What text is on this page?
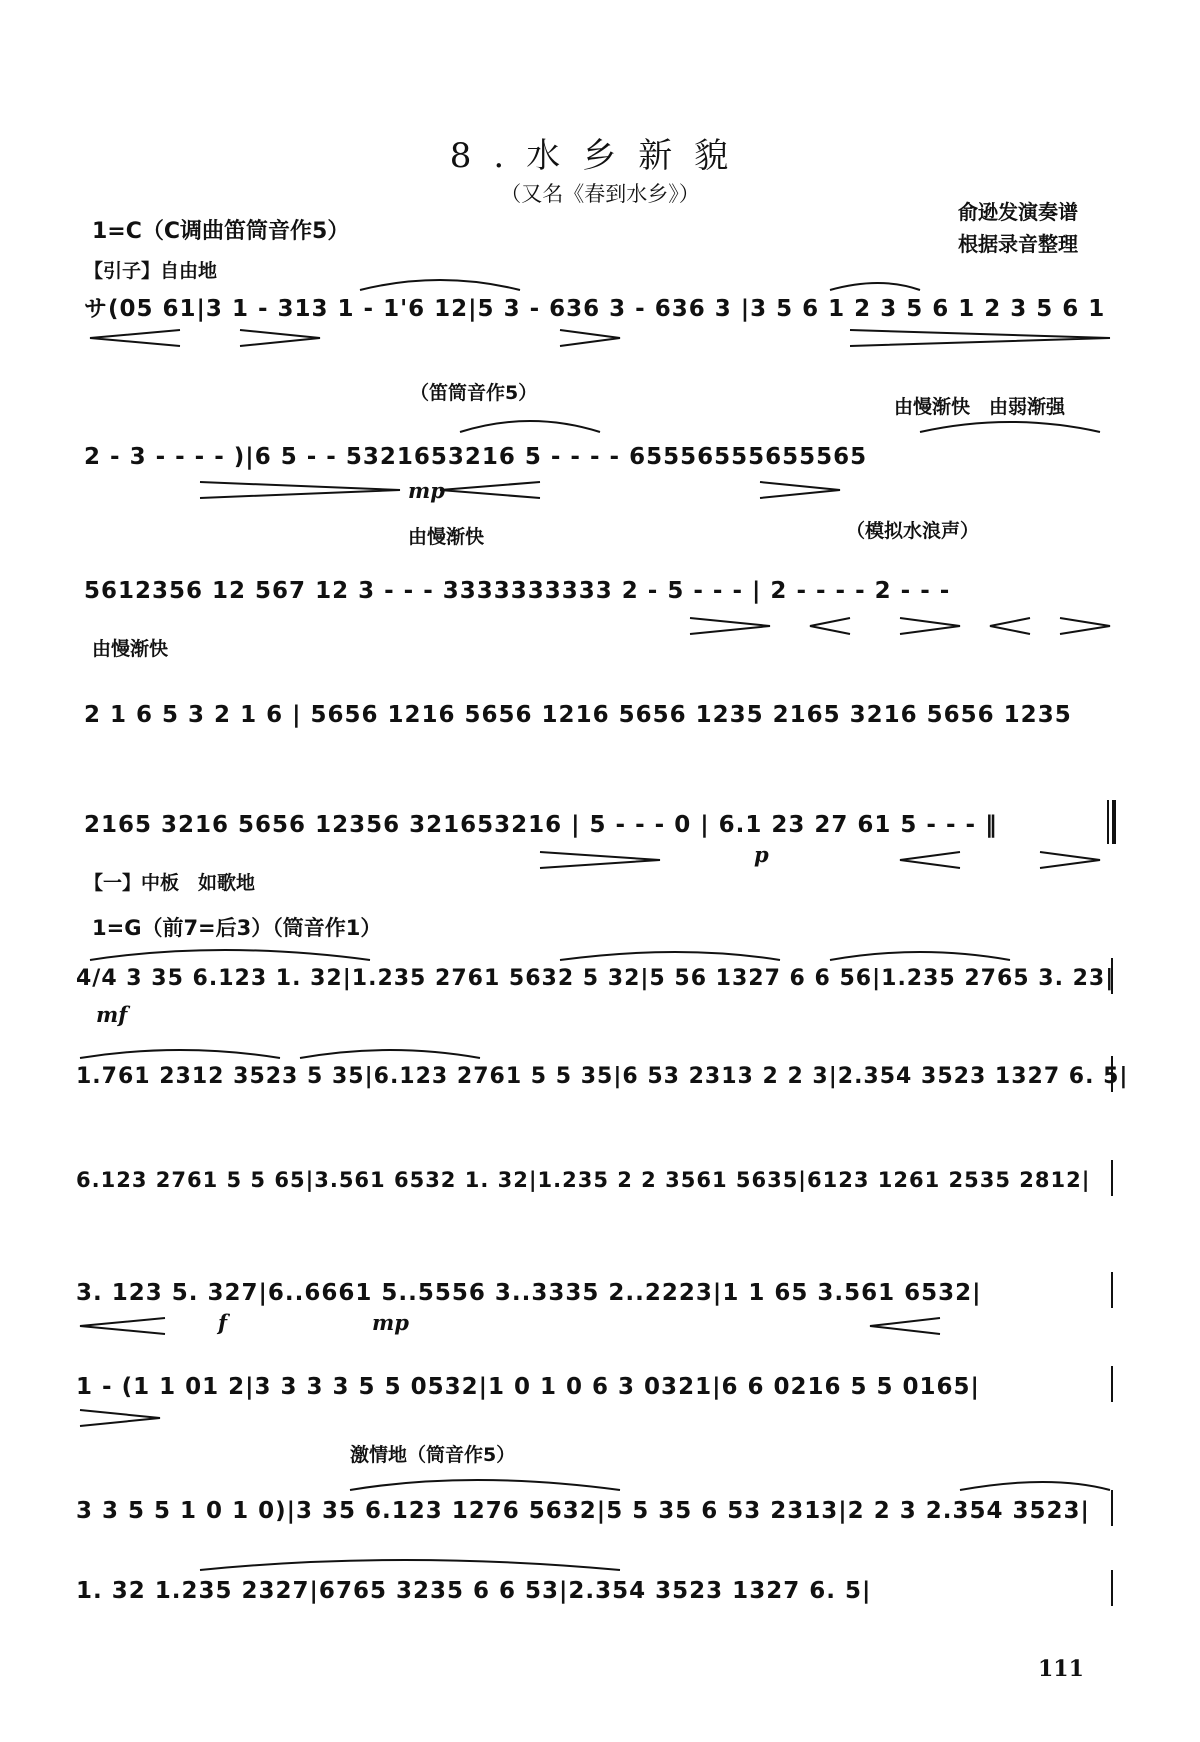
8.水乡新貌
（又名《春到水乡》）
俞逊发演奏谱
根据录音整理
1=C（C调曲笛筒音作5）
【引子】自由地
サ(05 61|3 1 - 313 1 - 1'6 12|5 3 - 636 3 - 636 3 |3 5 6 1 2 3 5 6 1 2 3 5 6 1
（笛筒音作5）
由慢渐快　由弱渐强
2 - 3 - - - - )|6 5 - - 5321653216 5 - - - - 65556555655565
mp
由慢渐快	（模拟水浪声）
5612356 12 567 12 3 - - - 3333333333 2 - 5 - - - | 2 - - - - 2 - - -
由慢渐快
2 1 6 5 3 2 1 6 | 5656 1216 5656 1216 5656 1235 2165 3216 5656 1235
2165 3216 5656 12356 321653216 | 5 - - - 0 | 6.1 23 27 61 5 - - - ‖
p
【一】中板　如歌地
1=G（前7=后3）（筒音作1）
4/4 3 35 6.123 1. 32|1.235 2761 5632 5 32|5 56 1327 6 6 56|1.235 2765 3. 23|
mf
1.761 2312 3523 5 35|6.123 2761 5 5 35|6 53 2313 2 2 3|2.354 3523 1327 6. 5|
6.123 2761 5 5 65|3.561 6532 1. 32|1.235 2 2 3561 5635|6123 1261 2535 2812|
3. 123 5. 327|6..6661 5..5556 3..3335 2..2223|1 1 65 3.561 6532|
f	mp
1 - (1 1 01 2|3 3 3 3 5 5 0532|1 0 1 0 6 3 0321|6 6 0216 5 5 0165|
激情地（筒音作5）
3 3 5 5 1 0 1 0)|3 35 6.123 1276 5632|5 5 35 6 53 2313|2 2 3 2.354 3523|
1. 32 1.235 2327|6765 3235 6 6 53|2.354 3523 1327 6. 5|
111
